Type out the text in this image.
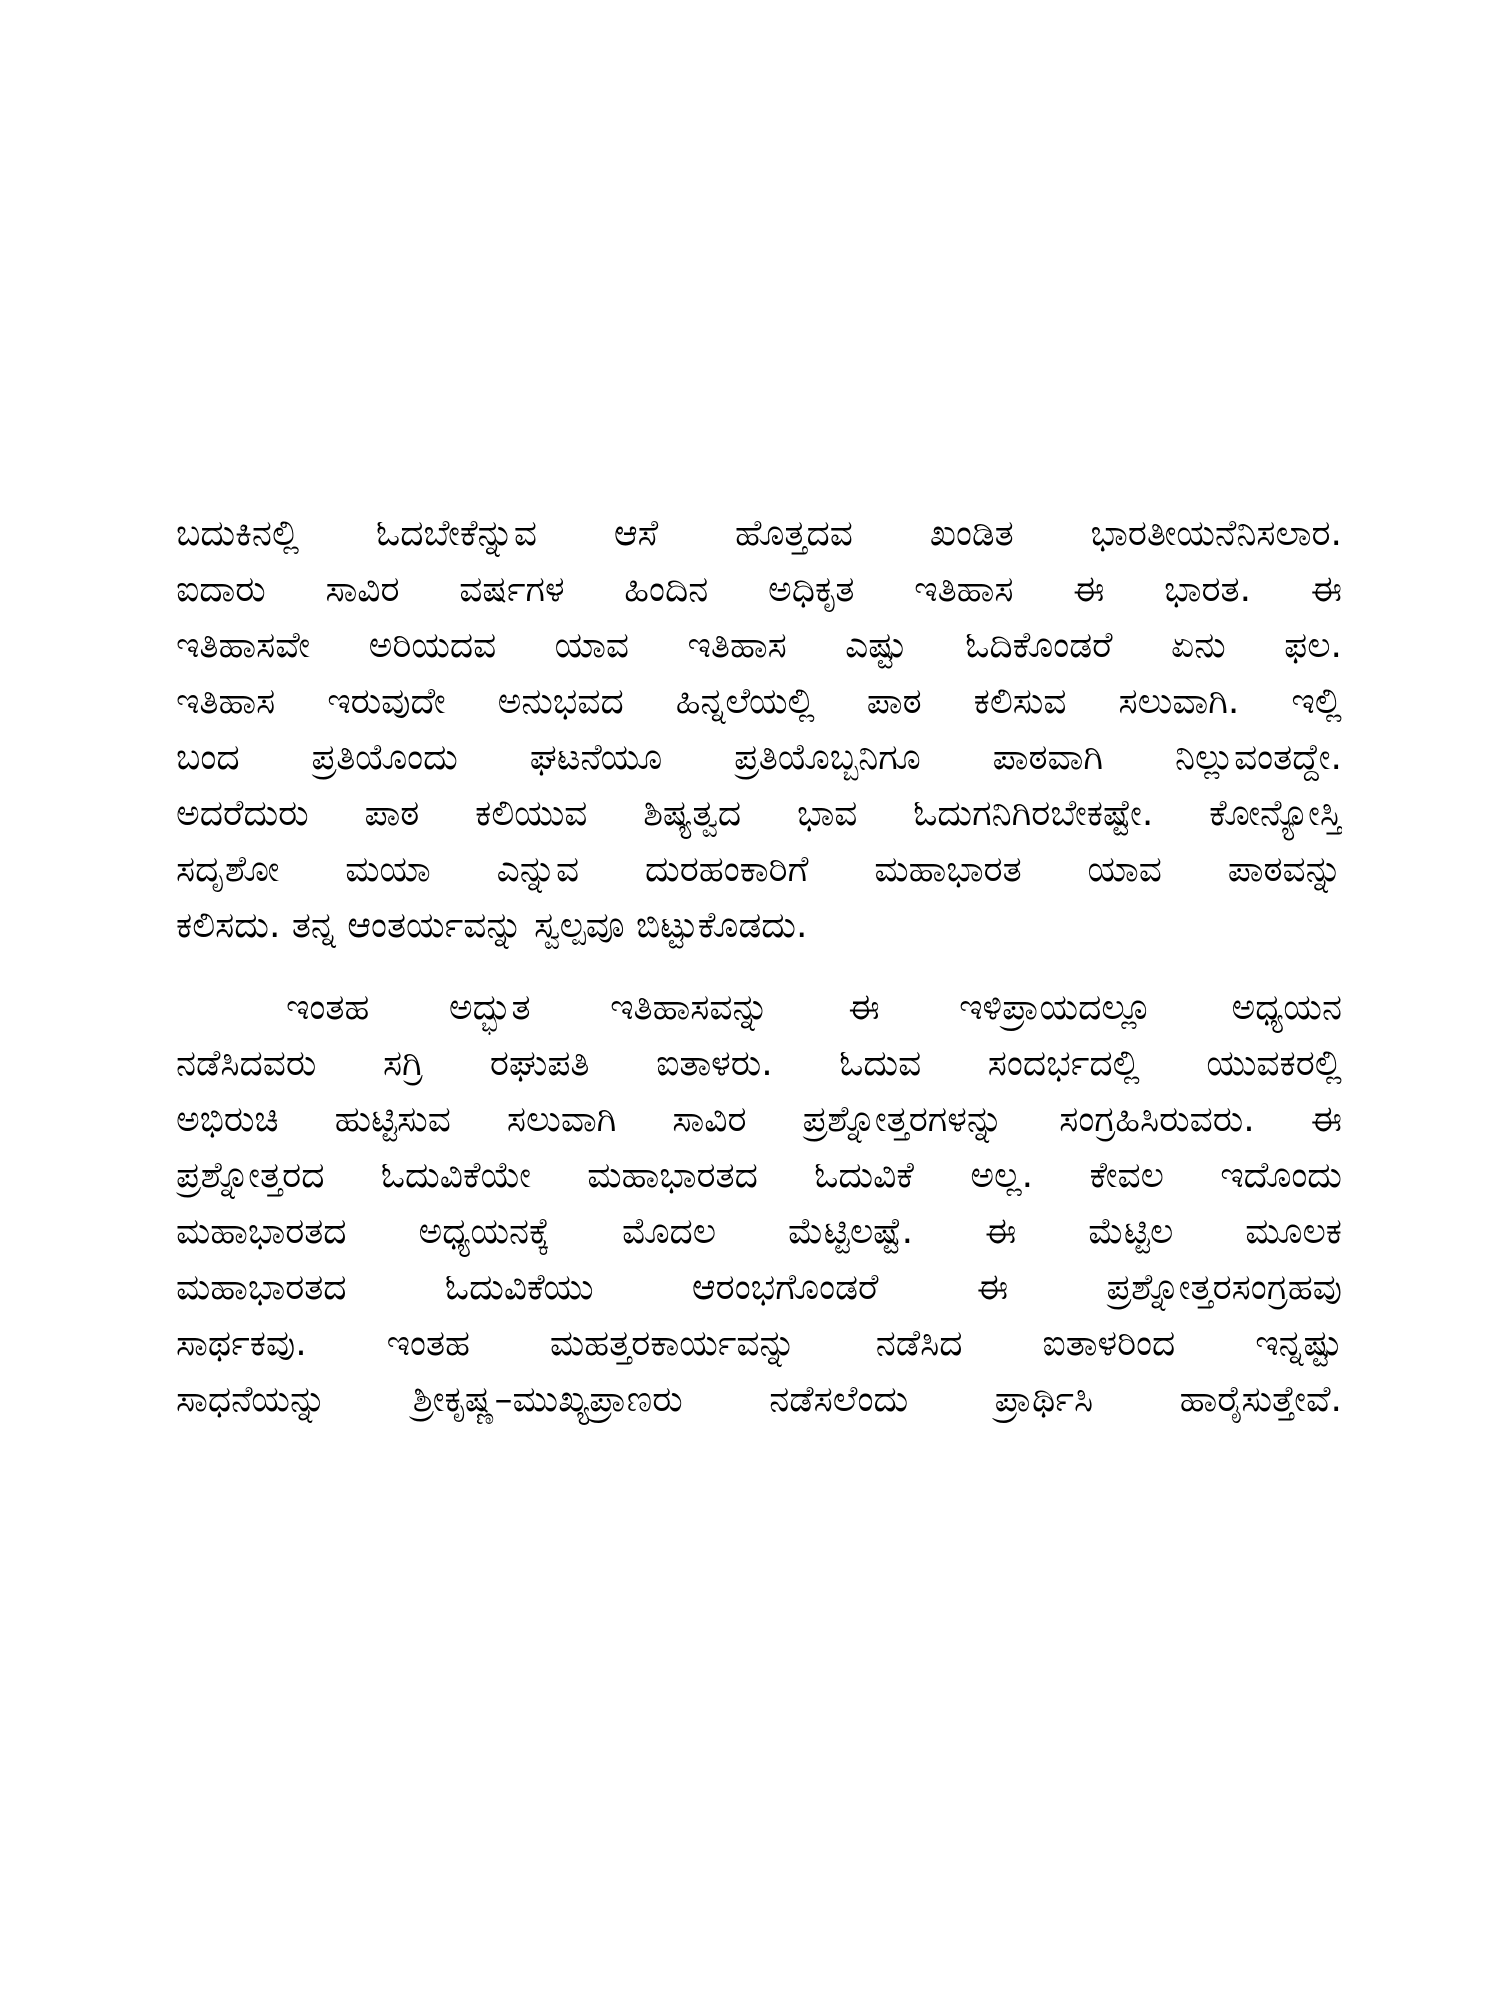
ಬದುಕಿನಲ್ಲಿ ಓದಬೇಕೆನ್ನುವ ಆಸೆ ಹೊತ್ತದವ ಖಂಡಿತ ಭಾರತೀಯನೆನಿಸಲಾರ.
ಐದಾರು ಸಾವಿರ ವರ್ಷಗಳ ಹಿಂದಿನ ಅಧಿಕೃತ ಇತಿಹಾಸ ಈ ಭಾರತ. ಈ
ಇತಿಹಾಸವೇ ಅರಿಯದವ ಯಾವ ಇತಿಹಾಸ ಎಷ್ಟು ಓದಿಕೊಂಡರೆ ಏನು ಫಲ.
ಇತಿಹಾಸ ಇರುವುದೇ ಅನುಭವದ ಹಿನ್ನಲೆಯಲ್ಲಿ ಪಾಠ ಕಲಿಸುವ ಸಲುವಾಗಿ. ಇಲ್ಲಿ
ಬಂದ ಪ್ರತಿಯೊಂದು ಘಟನೆಯೂ ಪ್ರತಿಯೊಬ್ಬನಿಗೂ ಪಾಠವಾಗಿ ನಿಲ್ಲುವಂತದ್ದೇ.
ಅದರೆದುರು ಪಾಠ ಕಲಿಯುವ ಶಿಷ್ಯತ್ವದ ಭಾವ ಓದುಗನಿಗಿರಬೇಕಷ್ಟೇ. ಕೋನ್ಯೋಸ್ತಿ
ಸದೃಶೋ ಮಯಾ ಎನ್ನುವ ದುರಹಂಕಾರಿಗೆ ಮಹಾಭಾರತ ಯಾವ ಪಾಠವನ್ನು
ಕಲಿಸದು. ತನ್ನ ಆಂತರ್ಯವನ್ನು ಸ್ವಲ್ಪವೂ ಬಿಟ್ಟುಕೊಡದು.
ಇಂತಹ ಅದ್ಭುತ ಇತಿಹಾಸವನ್ನು ಈ ಇಳಿಪ್ರಾಯದಲ್ಲೂ ಅಧ್ಯಯನ
ನಡೆಸಿದವರು ಸಗ್ರಿ ರಘುಪತಿ ಐತಾಳರು. ಓದುವ ಸಂದರ್ಭದಲ್ಲಿ ಯುವಕರಲ್ಲಿ
ಅಭಿರುಚಿ ಹುಟ್ಟಿಸುವ ಸಲುವಾಗಿ ಸಾವಿರ ಪ್ರಶ್ನೋತ್ತರಗಳನ್ನು ಸಂಗ್ರಹಿಸಿರುವರು. ಈ
ಪ್ರಶ್ನೋತ್ತರದ ಓದುವಿಕೆಯೇ ಮಹಾಭಾರತದ ಓದುವಿಕೆ ಅಲ್ಲ. ಕೇವಲ ಇದೊಂದು
ಮಹಾಭಾರತದ ಅಧ್ಯಯನಕ್ಕೆ ಮೊದಲ ಮೆಟ್ಟಿಲಷ್ಟೆ. ಈ ಮೆಟ್ಟಿಲ ಮೂಲಕ
ಮಹಾಭಾರತದ ಓದುವಿಕೆಯು ಆರಂಭಗೊಂಡರೆ ಈ ಪ್ರಶ್ನೋತ್ತರಸಂಗ್ರಹವು
ಸಾರ್ಥಕವು. ಇಂತಹ ಮಹತ್ತರಕಾರ್ಯವನ್ನು ನಡೆಸಿದ ಐತಾಳರಿಂದ ಇನ್ನಷ್ಟು
ಸಾಧನೆಯನ್ನು ಶ್ರೀಕೃಷ್ಣ–ಮುಖ್ಯಪ್ರಾಣರು ನಡೆಸಲೆಂದು ಪ್ರಾರ್ಥಿಸಿ ಹಾರೈಸುತ್ತೇವೆ.
